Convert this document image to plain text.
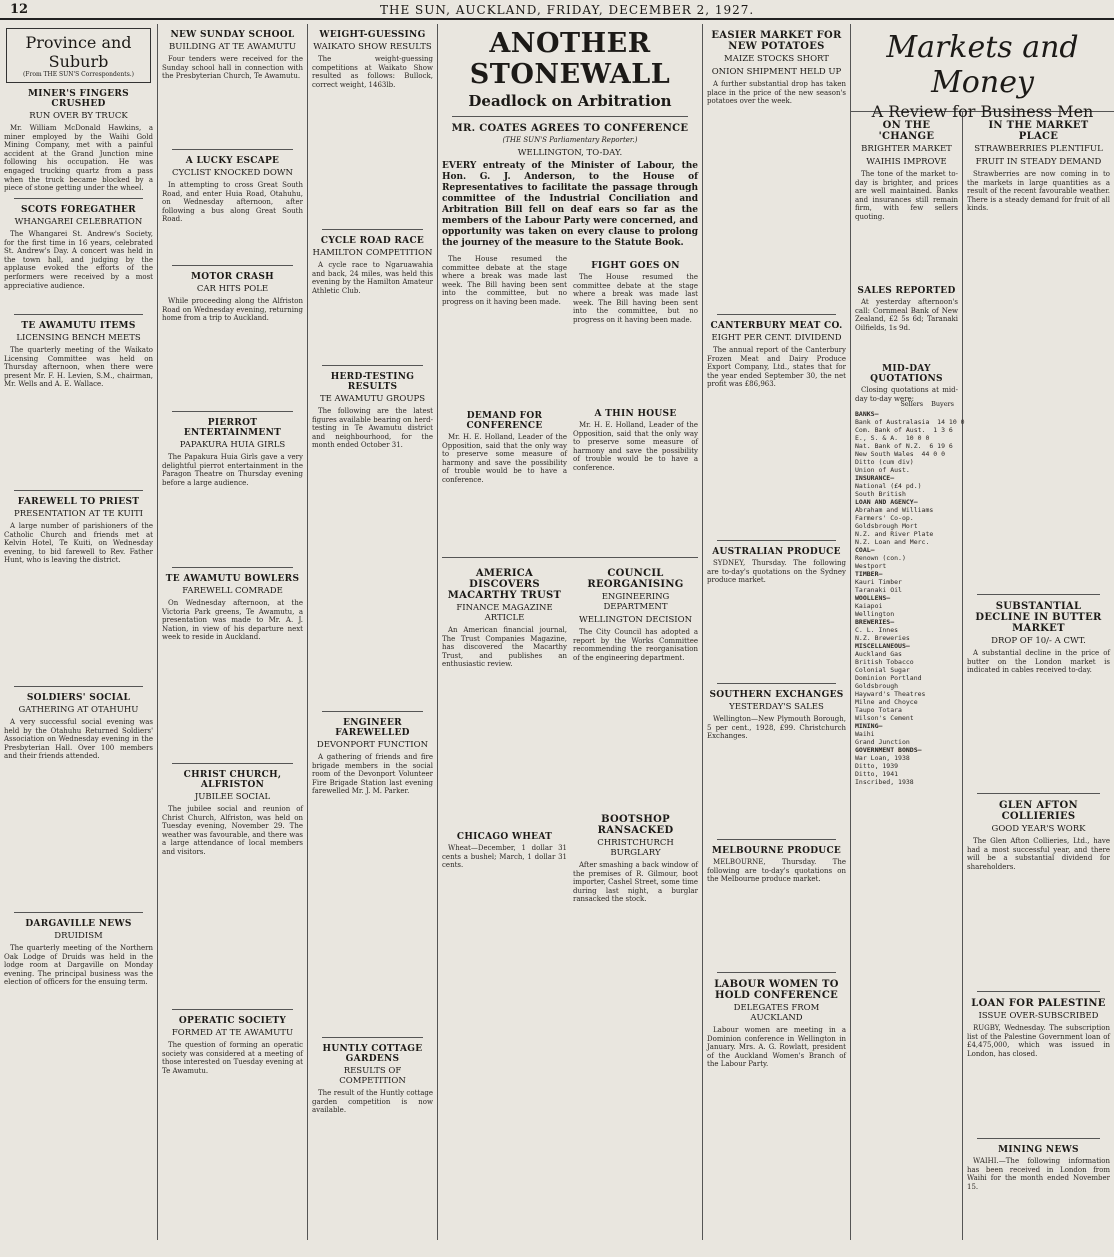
12	THE SUN, AUCKLAND, FRIDAY, DECEMBER 2, 1927.
Province and Suburb
(From THE SUN'S Correspondents.)
MINER'S FINGERS CRUSHED
RUN OVER BY TRUCK
Mr. William McDonald Hawkins, a miner employed by the Waihi Gold Mining Company, met with a painful accident at the Grand Junction mine following his occupation. He was engaged trucking quartz from a pass when the truck became blocked by a piece of stone getting under the wheel.
SCOTS FOREGATHER
WHANGAREI CELEBRATION
The Whangarei St. Andrew's Society, for the first time in 16 years, celebrated St. Andrew's Day. A concert was held in the town hall, and judging by the applause evoked the efforts of the performers were received by a most appreciative audience.
TE AWAMUTU ITEMS
LICENSING BENCH MEETS
The quarterly meeting of the Waikato Licensing Committee was held on Thursday afternoon, when there were present Mr. F. H. Levien, S.M., chairman, Mr. Wells and A. E. Wallace.
FAREWELL TO PRIEST
PRESENTATION AT TE KUITI
A large number of parishioners of the Catholic Church and friends met at Kelvin Hotel, Te Kuiti, on Wednesday evening, to bid farewell to Rev. Father Hunt, who is leaving the district.
SOLDIERS' SOCIAL
GATHERING AT OTAHUHU
A very successful social evening was held by the Otahuhu Returned Soldiers' Association on Wednesday evening in the Presbyterian Hall. Over 100 members and their friends attended.
DARGAVILLE NEWS
DRUIDISM
The quarterly meeting of the Northern Oak Lodge of Druids was held in the lodge room at Dargaville on Monday evening. The principal business was the election of officers for the ensuing term.
NEW SUNDAY SCHOOL
BUILDING AT TE AWAMUTU
Four tenders were received for the Sunday school hall in connection with the Presbyterian Church, Te Awamutu.
A LUCKY ESCAPE
CYCLIST KNOCKED DOWN
In attempting to cross Great South Road, and enter Huia Road, Otahuhu, on Wednesday afternoon, after following a bus along Great South Road.
MOTOR CRASH
CAR HITS POLE
While proceeding along the Alfriston Road on Wednesday evening, returning home from a trip to Auckland.
PIERROT ENTERTAINMENT
PAPAKURA HUIA GIRLS
The Papakura Huia Girls gave a very delightful pierrot entertainment in the Paragon Theatre on Thursday evening before a large audience.
TE AWAMUTU BOWLERS
FAREWELL COMRADE
On Wednesday afternoon, at the Victoria Park greens, Te Awamutu, a presentation was made to Mr. A. J. Nation, in view of his departure next week to reside in Auckland.
CHRIST CHURCH, ALFRISTON
JUBILEE SOCIAL
The jubilee social and reunion of Christ Church, Alfriston, was held on Tuesday evening, November 29. The weather was favourable, and there was a large attendance of local members and visitors.
OPERATIC SOCIETY
FORMED AT TE AWAMUTU
The question of forming an operatic society was considered at a meeting of those interested on Tuesday evening at Te Awamutu.
WEIGHT-GUESSING
WAIKATO SHOW RESULTS
The weight-guessing competitions at Waikato Show resulted as follows: Bullock, correct weight, 1463lb.
CYCLE ROAD RACE
HAMILTON COMPETITION
A cycle race to Ngaruawahia and back, 24 miles, was held this evening by the Hamilton Amateur Athletic Club.
HERD-TESTING RESULTS
TE AWAMUTU GROUPS
The following are the latest figures available bearing on herd-testing in Te Awamutu district and neighbourhood, for the month ended October 31.
ENGINEER FAREWELLED
DEVONPORT FUNCTION
A gathering of friends and fire brigade members in the social room of the Devonport Volunteer Fire Brigade Station last evening farewelled Mr. J. M. Parker.
HUNTLY COTTAGE GARDENS
RESULTS OF COMPETITION
The result of the Huntly cottage garden competition is now available.
ANOTHER STONEWALL
Deadlock on Arbitration
MR. COATES AGREES TO CONFERENCE
(THE SUN'S Parliamentary Reporter.)
WELLINGTON, TO-DAY.
EVERY entreaty of the Minister of Labour, the Hon. G. J. Anderson, to the House of Representatives to facilitate the passage through committee of the Industrial Conciliation and Arbitration Bill fell on deaf ears so far as the members of the Labour Party were concerned, and opportunity was taken on every clause to prolong the journey of the measure to the Statute Book.
The House resumed the committee debate at the stage where a break was made last week. The Bill having been sent into the committee, but no progress on it having been made.
DEMAND FOR CONFERENCE
Mr. H. E. Holland, Leader of the Opposition, said that the only way to preserve some measure of harmony and save the possibility of trouble would be to have a conference.
FIGHT GOES ON
The House resumed the committee debate at the stage where a break was made last week. The Bill having been sent into the committee, but no progress on it having been made.
A THIN HOUSE
Mr. H. E. Holland, Leader of the Opposition, said that the only way to preserve some measure of harmony and save the possibility of trouble would be to have a conference.
AMERICA DISCOVERS MACARTHY TRUST
FINANCE MAGAZINE ARTICLE
An American financial journal, The Trust Companies Magazine, has discovered the Macarthy Trust, and publishes an enthusiastic review.
CHICAGO WHEAT
Wheat—December, 1 dollar 31 cents a bushel; March, 1 dollar 31 cents.
COUNCIL REORGANISING
ENGINEERING DEPARTMENT
WELLINGTON DECISION
The City Council has adopted a report by the Works Committee recommending the reorganisation of the engineering department.
BOOTSHOP RANSACKED
CHRISTCHURCH BURGLARY
After smashing a back window of the premises of R. Gilmour, boot importer, Cashel Street, some time during last night, a burglar ransacked the stock.
EASIER MARKET FOR NEW POTATOES
MAIZE STOCKS SHORT
ONION SHIPMENT HELD UP
A further substantial drop has taken place in the price of the new season's potatoes over the week.
CANTERBURY MEAT CO.
EIGHT PER CENT. DIVIDEND
The annual report of the Canterbury Frozen Meat and Dairy Produce Export Company, Ltd., states that for the year ended September 30, the net profit was £86,963.
AUSTRALIAN PRODUCE
SYDNEY, Thursday. The following are to-day's quotations on the Sydney produce market.
SOUTHERN EXCHANGES
YESTERDAY'S SALES
Wellington—New Plymouth Borough, 5 per cent., 1928, £99. Christchurch Exchanges.
MELBOURNE PRODUCE
MELBOURNE, Thursday. The following are to-day's quotations on the Melbourne produce market.
LABOUR WOMEN TO HOLD CONFERENCE
DELEGATES FROM AUCKLAND
Labour women are meeting in a Dominion conference in Wellington in January. Mrs. A. G. Rowlatt, president of the Auckland Women's Branch of the Labour Party.
ON THE 'CHANGE
BRIGHTER MARKET
WAIHIS IMPROVE
The tone of the market to-day is brighter, and prices are well maintained. Banks and insurances still remain firm, with few sellers quoting.
SALES REPORTED
At yesterday afternoon's call: Cornmeal Bank of New Zealand, £2 5s 6d; Taranaki Oilfields, 1s 9d.
MID-DAY QUOTATIONS
Closing quotations at mid-day to-day were:
Sellers Buyers
BANKS—
Bank of Australasia  14 10 0
Com. Bank of Aust.  1 3 6
E., S. & A.  10 0 0
Nat. Bank of N.Z.  6 19 6
New South Wales  44 0 0
Ditto (cum div)
Union of Aust.
INSURANCE—
National (£4 pd.)
South British
LOAN AND AGENCY—
Abraham and Williams
Farmers' Co-op.
Goldsbrough Mort
N.Z. and River Plate
N.Z. Loan and Merc.
COAL—
Renown (con.)
Westport
TIMBER—
Kauri Timber
Taranaki Oil
WOOLLENS—
Kaiapoi
Wellington
BREWERIES—
C. L. Innes
N.Z. Breweries
MISCELLANEOUS—
Auckland Gas
British Tobacco
Colonial Sugar
Dominion Portland
Goldsbrough
Hayward's Theatres
Milne and Choyce
Taupo Totara
Wilson's Cement
MINING—
Waihi
Grand Junction
GOVERNMENT BONDS—
War Loan, 1938
Ditto, 1939
Ditto, 1941
Inscribed, 1938
Markets and Money
A Review for Business Men
IN THE MARKET PLACE
STRAWBERRIES PLENTIFUL
FRUIT IN STEADY DEMAND
Strawberries are now coming in to the markets in large quantities as a result of the recent favourable weather. There is a steady demand for fruit of all kinds.
SUBSTANTIAL DECLINE IN BUTTER MARKET
DROP OF 10/- A CWT.
A substantial decline in the price of butter on the London market is indicated in cables received to-day.
GLEN AFTON COLLIERIES
GOOD YEAR'S WORK
The Glen Afton Collieries, Ltd., have had a most successful year, and there will be a substantial dividend for shareholders.
LOAN FOR PALESTINE
ISSUE OVER-SUBSCRIBED
RUGBY, Wednesday. The subscription list of the Palestine Government loan of £4,475,000, which was issued in London, has closed.
MINING NEWS
WAIHI.—The following information has been received in London from Waihi for the month ended November 15.
